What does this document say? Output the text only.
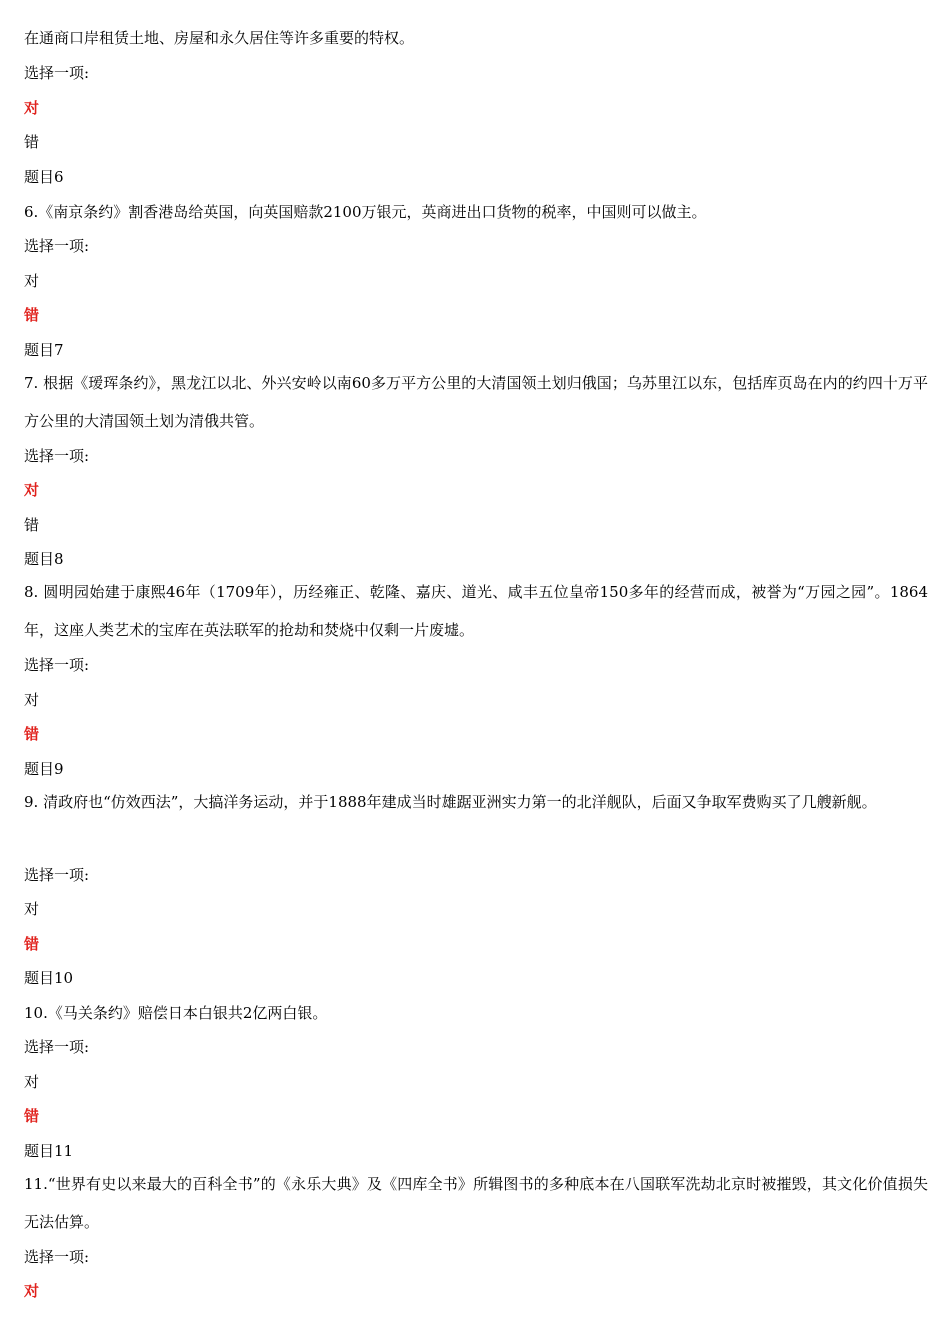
在通商口岸租赁土地、房屋和永久居住等许多重要的特权。
选择一项:
对
错
题目6
6.《南京条约》割香港岛给英国，向英国赔款2100万银元，英商进出口货物的税率，中国则可以做主。
选择一项:
对
错
题目7
7. 根据《瑷珲条约》，黑龙江以北、外兴安岭以南60多万平方公里的大清国领土划归俄国；乌苏里江以东，包括库页岛在内的约四十万平方公里的大清国领土划为清俄共管。
选择一项:
对
错
题目8
8. 圆明园始建于康熙46年（1709年），历经雍正、乾隆、嘉庆、道光、咸丰五位皇帝150多年的经营而成，被誉为“万园之园”。1864年，这座人类艺术的宝库在英法联军的抢劫和焚烧中仅剩一片废墟。
选择一项:
对
错
题目9
9. 清政府也“仿效西法”，大搞洋务运动，并于1888年建成当时雄踞亚洲实力第一的北洋舰队，后面又争取军费购买了几艘新舰。
选择一项:
对
错
题目10
10.《马关条约》赔偿日本白银共2亿两白银。
选择一项:
对
错
题目11
11.“世界有史以来最大的百科全书”的《永乐大典》及《四库全书》所辑图书的多种底本在八国联军洗劫北京时被摧毁，其文化价值损失无法估算。
选择一项:
对
